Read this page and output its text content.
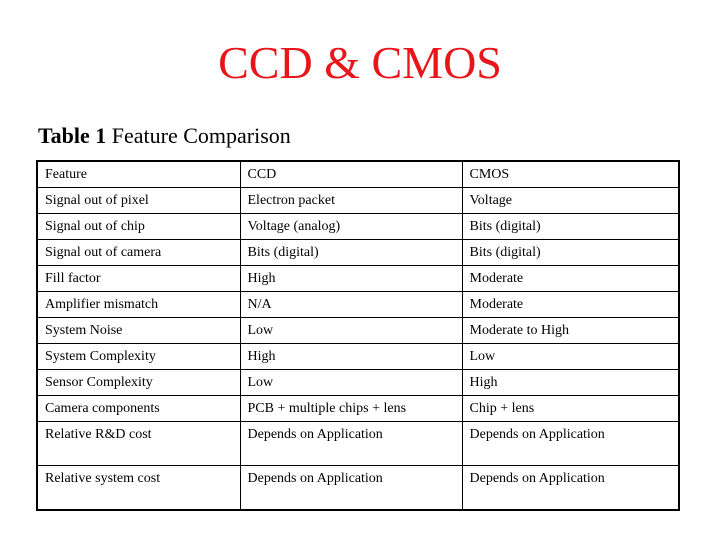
CCD & CMOS
Table 1 Feature Comparison
Feature	CCD	CMOS
Signal out of pixel	Electron packet	Voltage
Signal out of chip	Voltage (analog)	Bits (digital)
Signal out of camera	Bits (digital)	Bits (digital)
Fill factor	High	Moderate
Amplifier mismatch	N/A	Moderate
System Noise	Low	Moderate to High
System Complexity	High	Low
Sensor Complexity	Low	High
Camera components	PCB + multiple chips + lens	Chip + lens
Relative R&D cost	Depends on Application	Depends on Application
Relative system cost	Depends on Application	Depends on Application
